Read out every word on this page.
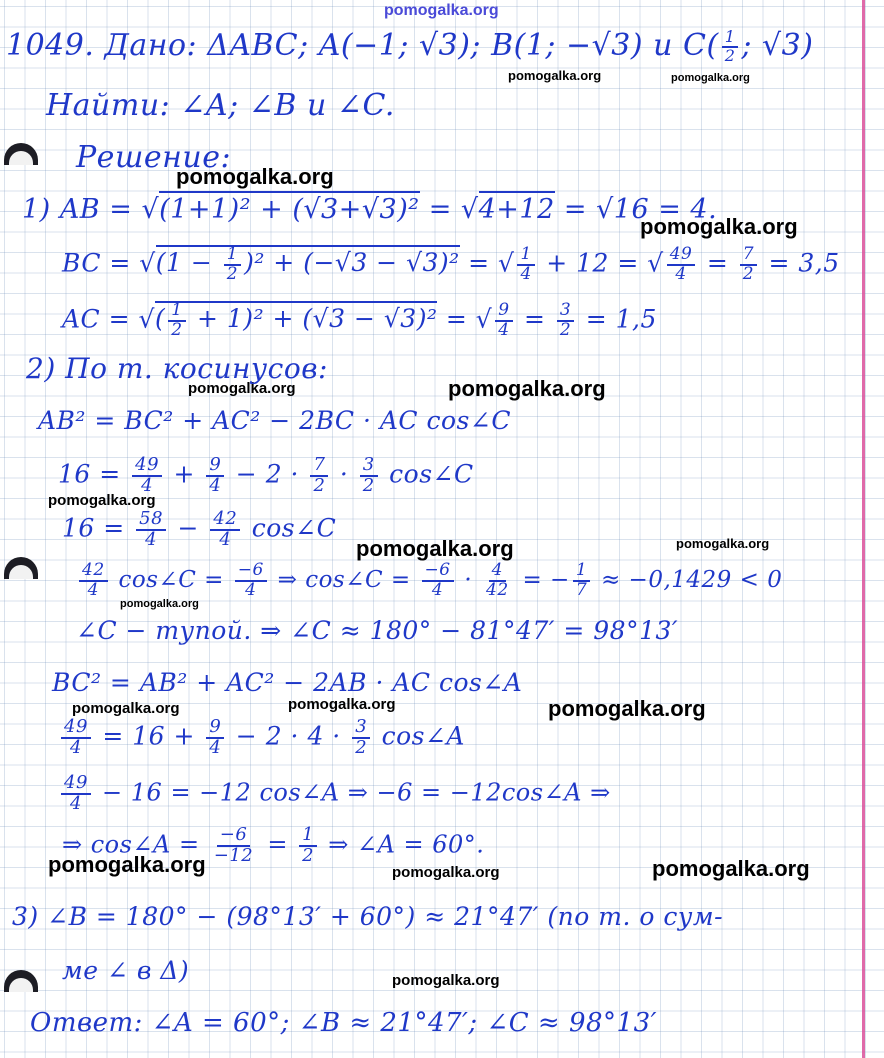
pomogalka.org
pomogalka.org	pomogalka.org
pomogalka.org
pomogalka.org
pomogalka.org	pomogalka.org
pomogalka.org
pomogalka.org	pomogalka.org
pomogalka.org
pomogalka.org	pomogalka.org	pomogalka.org
pomogalka.org	pomogalka.org	pomogalka.org
pomogalka.org
1049. Дано: ΔABC; A(−1; √3); B(1; −√3) и $C( \frac{1}{2}$ ; √3)
Найти: ∠A; ∠B и ∠C.
Решение:
1) AB = √(1+1)² + (√3+√3)² = √4+12 = √16 = 4.
BC = $√(1 - \frac{1}{2} )^2 + (-√3 - √3)^2$ = √ $\frac{1}{4} + 12$ = √ $\frac{49}{4} = \frac{7}{2} = 3,5$
AC = √( $\frac{1}{2} + 1)^2 + (√3 - √3)^2$ = √ $\frac{9}{4} = \frac{3}{2} = 1,5$
2) По т. косинусов:
AB² = BC² + AC² − 2BC · AC cos∠C
$16 = \frac{49}{4} + \frac{9}{4} - 2 \cdot \frac{7}{2} \cdot \frac{3}{2}$ cos∠C
$16 = \frac{58}{4} - \frac{42}{4}$ cos∠C
$\frac{42}{4}$ cos∠C = $\frac{-6}{4}$ ⇒ cos∠C = $\frac{-6}{4} \cdot \frac{4}{42}$ = − $\frac{1}{7} \approx -0,1429 < 0$
∠C − тупой. ⇒ ∠C ≈ 180° − 81°47′ = 98°13′
BC² = AB² + AC² − 2AB · AC cos∠A
$\frac{49}{4} = 16 + \frac{9}{4} - 2 \cdot 4 \cdot \frac{3}{2}$ cos∠A
$\frac{49}{4} - 16 = -12$ cos∠A ⇒ −6 = −12cos∠A ⇒
⇒ cos∠A = $\frac{-6}{-12} = \frac{1}{2}$ ⇒ ∠A = 60°.
3) ∠B = 180° − (98°13′ + 60°) ≈ 21°47′ (по т. о сум-
ме ∠ в Δ)
Ответ: ∠A = 60°; ∠B ≈ 21°47′; ∠C ≈ 98°13′
